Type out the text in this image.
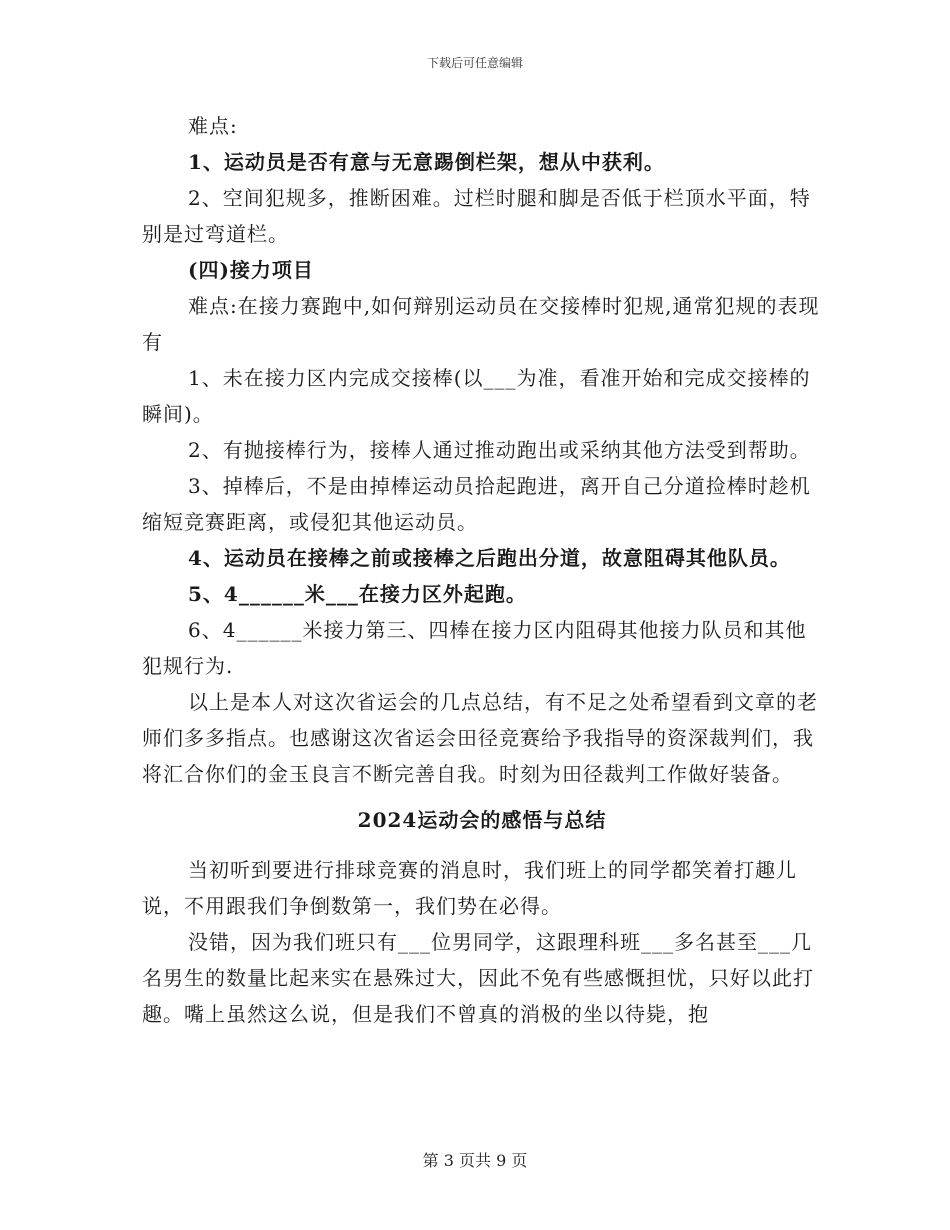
下载后可任意编辑

难点:

1、运动员是否有意与无意踢倒栏架，想从中获利。

2、空间犯规多，推断困难。过栏时腿和脚是否低于栏顶水平面，特别是过弯道栏。

(四)接力项目

难点:在接力赛跑中,如何辩别运动员在交接棒时犯规,通常犯规的表现有

1、未在接力区内完成交接棒(以___为准，看准开始和完成交接棒的瞬间)。

2、有抛接棒行为，接棒人通过推动跑出或采纳其他方法受到帮助。

3、掉棒后，不是由掉棒运动员拾起跑进，离开自己分道捡棒时趁机缩短竞赛距离，或侵犯其他运动员。

4、运动员在接棒之前或接棒之后跑出分道，故意阻碍其他队员。

5、4______米___在接力区外起跑。

6、4______米接力第三、四棒在接力区内阻碍其他接力队员和其他犯规行为.

以上是本人对这次省运会的几点总结，有不足之处希望看到文章的老师们多多指点。也感谢这次省运会田径竞赛给予我指导的资深裁判们，我将汇合你们的金玉良言不断完善自我。时刻为田径裁判工作做好装备。

2024运动会的感悟与总结

当初听到要进行排球竞赛的消息时，我们班上的同学都笑着打趣儿说，不用跟我们争倒数第一，我们势在必得。

没错，因为我们班只有___位男同学，这跟理科班___多名甚至___几名男生的数量比起来实在悬殊过大，因此不免有些感慨担忧，只好以此打趣。嘴上虽然这么说，但是我们不曾真的消极的坐以待毙，抱

第 3 页共 9 页
